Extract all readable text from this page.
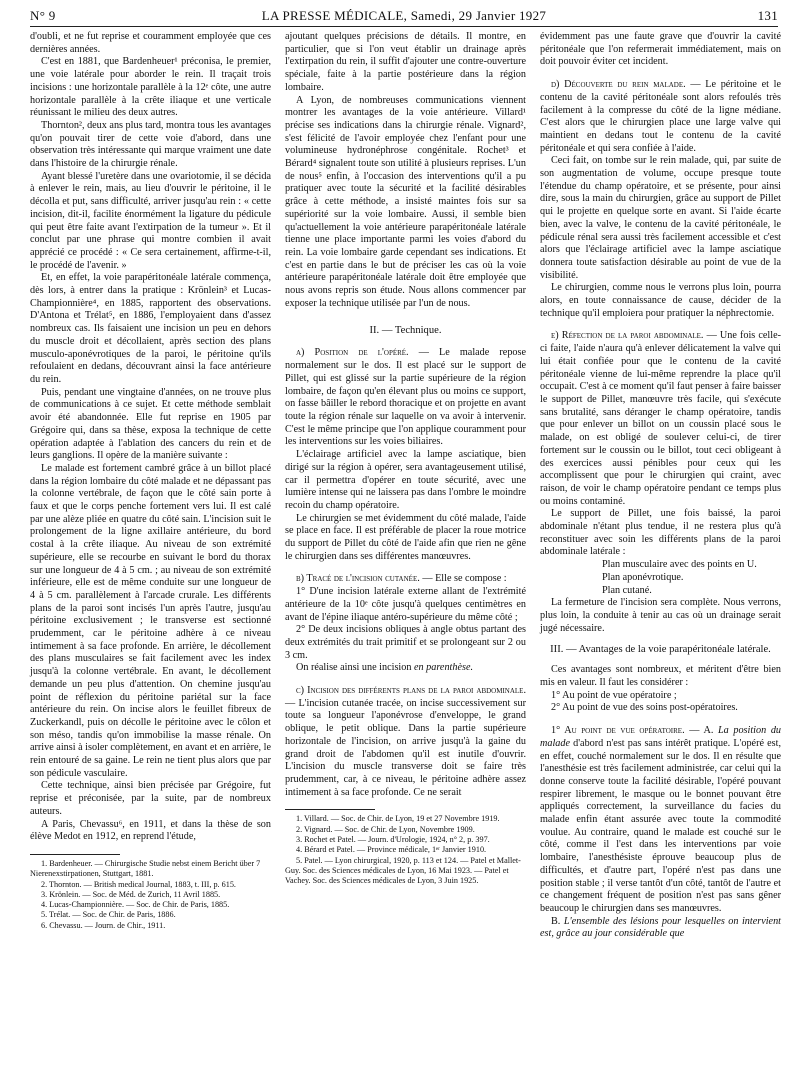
N° 9	LA PRESSE MÉDICALE, Samedi, 29 Janvier 1927	131

d'oubli, et ne fut reprise et couramment employée que ces dernières années.

C'est en 1881, que Bardenheuer¹ préconisa, le premier, une voie latérale pour aborder le rein. Il traçait trois incisions : une horizontale parallèle à la 12ᵉ côte, une autre horizontale parallèle à la crête iliaque et une verticale réunissant le milieu des deux autres.

Thornton², deux ans plus tard, montra tous les avantages qu'on pouvait tirer de cette voie d'abord, dans une observation très intéressante qui marque vraiment une date dans l'histoire de la chirurgie rénale.

Ayant blessé l'uretère dans une ovariotomie, il se décida à enlever le rein, mais, au lieu d'ouvrir le péritoine, il le décolla et put, sans difficulté, arriver jusqu'au rein : « cette incision, dit-il, facilite énormément la ligature du pédicule qui peut être faite avant l'extirpation de la tumeur ». Et il conclut par une phrase qui montre combien il avait apprécié ce procédé : « Ce sera certainement, affirme-t-il, le procédé de l'avenir. »

Et, en effet, la voie parapéritonéale latérale commença, dès lors, à entrer dans la pratique : Krönlein³ et Lucas-Championnière⁴, en 1885, rapportent des observations. D'Antona et Trélat⁵, en 1886, l'employaient dans d'assez nombreux cas. Ils faisaient une incision un peu en dehors du muscle droit et décollaient, après section des plans musculo-aponévrotiques de la paroi, le péritoine qu'ils refoulaient en dedans, découvrant ainsi la face antérieure du rein.

Puis, pendant une vingtaine d'années, on ne trouve plus de communications à ce sujet. Et cette méthode semblait avoir été abandonnée. Elle fut reprise en 1905 par Grégoire qui, dans sa thèse, exposa la technique de cette opération adaptée à l'ablation des cancers du rein et de leurs ganglions. Il opère de la manière suivante :

Le malade est fortement cambré grâce à un billot placé dans la région lombaire du côté malade et ne dépassant pas la colonne vertébrale, de façon que le côté sain porte à faux et que le corps penche fortement vers lui. Il est calé par une alèze pliée en quatre du côté sain. L'incision suit le prolongement de la ligne axillaire antérieure, du bord costal à la crête iliaque. Au niveau de son extrémité supérieure, elle se recourbe en suivant le bord du thorax sur une longueur de 4 à 5 cm. ; au niveau de son extrémité inférieure, elle est de même conduite sur une longueur de 4 à 5 cm. parallèlement à l'arcade crurale. Les différents plans de la paroi sont incisés l'un après l'autre, jusqu'au péritoine exclusivement ; le transverse est sectionné prudemment, car le péritoine adhère à ce niveau intimement à sa face profonde. En arrière, le décollement des plans musculaires se fait facilement avec les index jusqu'à la colonne vertébrale. En avant, le décollement demande un peu plus d'attention. On chemine jusqu'au point de réflexion du péritoine pariétal sur la face antérieure du rein. On incise alors le feuillet fibreux de Zuckerkandl, puis on décolle le péritoine avec le côlon et son méso, tandis qu'on immobilise la masse rénale. On arrive ainsi à isoler complètement, en avant et en arrière, le rein entouré de sa gaine. Le rein ne tient plus alors que par son pédicule vasculaire.

Cette technique, ainsi bien précisée par Grégoire, fut reprise et préconisée, par la suite, par de nombreux auteurs.

A Paris, Chevassu⁶, en 1911, et dans la thèse de son élève Medot en 1912, en reprend l'étude,

1. Bardenheuer. — Chirurgische Studie nebst einem Bericht über 7 Nierenexstirpationen, Stuttgart, 1881.

2. Thornton. — British medical Journal, 1883, t. III, p. 615.

3. Krönlein. — Soc. de Méd. de Zurich, 11 Avril 1885.

4. Lucas-Championnière. — Soc. de Chir. de Paris, 1885.

5. Trélat. — Soc. de Chir. de Paris, 1886.

6. Chevassu. — Journ. de Chir., 1911.

ajoutant quelques précisions de détails. Il montre, en particulier, que si l'on veut établir un drainage après l'extirpation du rein, il suffit d'ajouter une contre-ouverture spéciale, faite à la partie postérieure dans la région lombaire.

A Lyon, de nombreuses communications viennent montrer les avantages de la voie antérieure. Villard¹ précise ses indications dans la chirurgie rénale. Vignard², s'est félicité de l'avoir employée chez l'enfant pour une volumineuse hydronéphrose congénitale. Rochet³ et Bérard⁴ signalent toute son utilité à plusieurs reprises. L'un de nous⁵ enfin, à l'occasion des interventions qu'il a pu pratiquer avec toute la sécurité et la facilité désirables grâce à cette méthode, a insisté maintes fois sur sa supériorité sur la voie lombaire. Aussi, il semble bien qu'actuellement la voie antérieure parapéritonéale latérale tienne une place importante parmi les voies d'abord du rein. La voie lombaire garde cependant ses indications. Et c'est en partie dans le but de préciser les cas où la voie antérieure parapéritonéale latérale doit être employée que nous avons repris son étude. Nous allons commencer par exposer la technique utilisée par l'un de nous.

II. — Technique.

a) Position de l'opéré. — Le malade repose normalement sur le dos. Il est placé sur le support de Pillet, qui est glissé sur la partie supérieure de la région lombaire, de façon qu'en élevant plus ou moins ce support, on fasse bâiller le rebord thoracique et on projette en avant toute la région rénale sur laquelle on va avoir à intervenir. C'est le même principe que l'on applique couramment pour les interventions sur les voies biliaires.

L'éclairage artificiel avec la lampe asciatique, bien dirigé sur la région à opérer, sera avantageusement utilisé, car il permettra d'opérer en toute sécurité, avec une lumière intense qui ne laissera pas dans l'ombre le moindre recoin du champ opératoire.

Le chirurgien se met évidemment du côté malade, l'aide se place en face. Il est préférable de placer la roue motrice du support de Pillet du côté de l'aide afin que rien ne gêne le chirurgien dans ses différentes manœuvres.

b) Tracé de l'incision cutanée. — Elle se compose :

1° D'une incision latérale externe allant de l'extrémité antérieure de la 10ᵉ côte jusqu'à quelques centimètres en avant de l'épine iliaque antéro-supérieure du même côté ;

2° De deux incisions obliques à angle obtus partant des deux extrémités du trait primitif et se prolongeant sur 2 ou 3 cm.

On réalise ainsi une incision en parenthèse.

c) Incision des différents plans de la paroi abdominale. — L'incision cutanée tracée, on incise successivement sur toute sa longueur l'aponévrose d'enveloppe, le grand oblique, le petit oblique. Dans la partie supérieure horizontale de l'incision, on arrive jusqu'à la gaine du grand droit de l'abdomen qu'il est inutile d'ouvrir. L'incision du muscle transverse doit se faire très prudemment, car, à ce niveau, le péritoine adhère assez intimement à sa face profonde. Ce ne serait

1. Villard. — Soc. de Chir. de Lyon, 19 et 27 Novembre 1919.

2. Vignard. — Soc. de Chir. de Lyon, Novembre 1909.

3. Rochet et Patel. — Journ. d'Urologie, 1924, n° 2, p. 397.

4. Bérard et Patel. — Province médicale, 1ᵉʳ Janvier 1910.

5. Patel. — Lyon chirurgical, 1920, p. 113 et 124. — Patel et Mallet-Guy. Soc. des Sciences médicales de Lyon, 16 Mai 1923. — Patel et Vachey. Soc. des Sciences médicales de Lyon, 3 Juin 1925.

évidemment pas une faute grave que d'ouvrir la cavité péritonéale que l'on refermerait immédiatement, mais on doit pouvoir éviter cet incident.

d) Découverte du rein malade. — Le péritoine et le contenu de la cavité péritonéale sont alors refoulés très facilement à la compresse du côté de la ligne médiane. C'est alors que le chirurgien place une large valve qui maintient en dedans tout le contenu de la cavité péritonéale et qui sera confiée à l'aide.

Ceci fait, on tombe sur le rein malade, qui, par suite de son augmentation de volume, occupe presque toute l'étendue du champ opératoire, et se présente, pour ainsi dire, sous la main du chirurgien, grâce au support de Pillet qui le projette en quelque sorte en avant. Si l'aide écarte bien, avec la valve, le contenu de la cavité péritonéale, le pédicule rénal sera aussi très facilement accessible et c'est alors que l'éclairage artificiel avec la lampe asciatique donnera toute satisfaction désirable au point de vue de la visibilité.

Le chirurgien, comme nous le verrons plus loin, pourra alors, en toute connaissance de cause, décider de la technique qu'il emploiera pour pratiquer la néphrectomie.

e) Réfection de la paroi abdominale. — Une fois celle-ci faite, l'aide n'aura qu'à enlever délicatement la valve qui lui était confiée pour que le contenu de la cavité péritonéale vienne de lui-même reprendre la place qu'il occupait. C'est à ce moment qu'il faut penser à faire baisser le support de Pillet, manœuvre très facile, qui s'exécute sans brutalité, sans déranger le champ opératoire, tandis que pour enlever un billot on un coussin placé sous le malade, on est obligé de soulever celui-ci, de tirer fortement sur le coussin ou le billot, tout ceci obligeant à des exercices aussi pénibles pour ceux qui les accomplissent que pour le chirurgien qui craint, avec raison, de voir le champ opératoire pendant ce temps plus ou moins contaminé.

Le support de Pillet, une fois baissé, la paroi abdominale n'étant plus tendue, il ne restera plus qu'à reconstituer avec soin les différents plans de la paroi abdominale latérale :

Plan musculaire avec des points en U.

Plan aponévrotique.

Plan cutané.

La fermeture de l'incision sera complète. Nous verrons, plus loin, la conduite à tenir au cas où un drainage serait jugé nécessaire.

III. — Avantages de la voie parapéritonéale latérale.

Ces avantages sont nombreux, et méritent d'être bien mis en valeur. Il faut les considérer :

1° Au point de vue opératoire ;

2° Au point de vue des soins post-opératoires.

1° Au point de vue opératoire. — A. La position du malade d'abord n'est pas sans intérêt pratique. L'opéré est, en effet, couché normalement sur le dos. Il en résulte que l'anesthésie est très facilement administrée, car celui qui la donne conserve toute la facilité désirable, l'opéré pouvant respirer librement, le masque ou le bonnet pouvant être appliqués correctement, la surveillance du facies du malade enfin étant assurée avec toute la commodité voulue. Au contraire, quand le malade est couché sur le côté, comme il l'est dans les interventions par voie lombaire, l'anesthésiste éprouve beaucoup plus de difficultés, et d'autre part, l'opéré n'est pas dans une position stable ; il verse tantôt d'un côté, tantôt de l'autre et ce changement fréquent de position n'est pas sans gêner beaucoup le chirurgien dans ses manœuvres.

B. L'ensemble des lésions pour lesquelles on intervient est, grâce au jour considérable que
